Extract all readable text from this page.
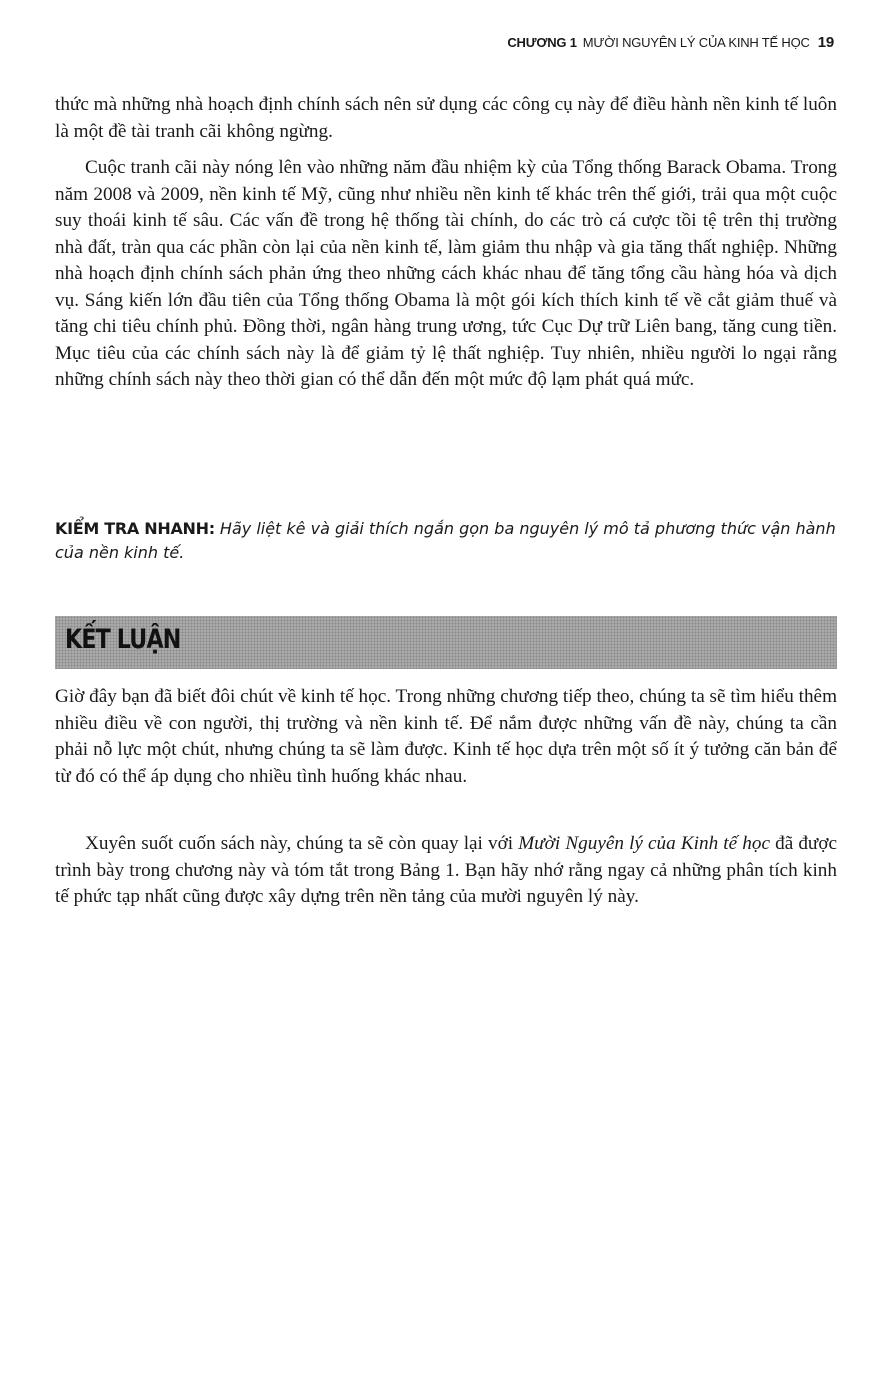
CHƯƠNG 1 MƯỜI NGUYÊN LÝ CỦA KINH TẾ HỌC 19

thức mà những nhà hoạch định chính sách nên sử dụng các công cụ này để điều hành nền kinh tế luôn là một đề tài tranh cãi không ngừng.

Cuộc tranh cãi này nóng lên vào những năm đầu nhiệm kỳ của Tổng thống Barack Obama. Trong năm 2008 và 2009, nền kinh tế Mỹ, cũng như nhiều nền kinh tế khác trên thế giới, trải qua một cuộc suy thoái kinh tế sâu. Các vấn đề trong hệ thống tài chính, do các trò cá cược tồi tệ trên thị trường nhà đất, tràn qua các phần còn lại của nền kinh tế, làm giảm thu nhập và gia tăng thất nghiệp. Những nhà hoạch định chính sách phản ứng theo những cách khác nhau để tăng tổng cầu hàng hóa và dịch vụ. Sáng kiến lớn đầu tiên của Tổng thống Obama là một gói kích thích kinh tế về cắt giảm thuế và tăng chi tiêu chính phủ. Đồng thời, ngân hàng trung ương, tức Cục Dự trữ Liên bang, tăng cung tiền. Mục tiêu của các chính sách này là để giảm tỷ lệ thất nghiệp. Tuy nhiên, nhiều người lo ngại rằng những chính sách này theo thời gian có thể dẫn đến một mức độ lạm phát quá mức.

KIỂM TRA NHANH: Hãy liệt kê và giải thích ngắn gọn ba nguyên lý mô tả phương thức vận hành của nền kinh tế.
KẾT LUẬN

Giờ đây bạn đã biết đôi chút về kinh tế học. Trong những chương tiếp theo, chúng ta sẽ tìm hiểu thêm nhiều điều về con người, thị trường và nền kinh tế. Để nắm được những vấn đề này, chúng ta cần phải nỗ lực một chút, nhưng chúng ta sẽ làm được. Kinh tế học dựa trên một số ít ý tưởng căn bản để từ đó có thể áp dụng cho nhiều tình huống khác nhau.

Xuyên suốt cuốn sách này, chúng ta sẽ còn quay lại với Mười Nguyên lý của Kinh tế học đã được trình bày trong chương này và tóm tắt trong Bảng 1. Bạn hãy nhớ rằng ngay cả những phân tích kinh tế phức tạp nhất cũng được xây dựng trên nền tảng của mười nguyên lý này.
